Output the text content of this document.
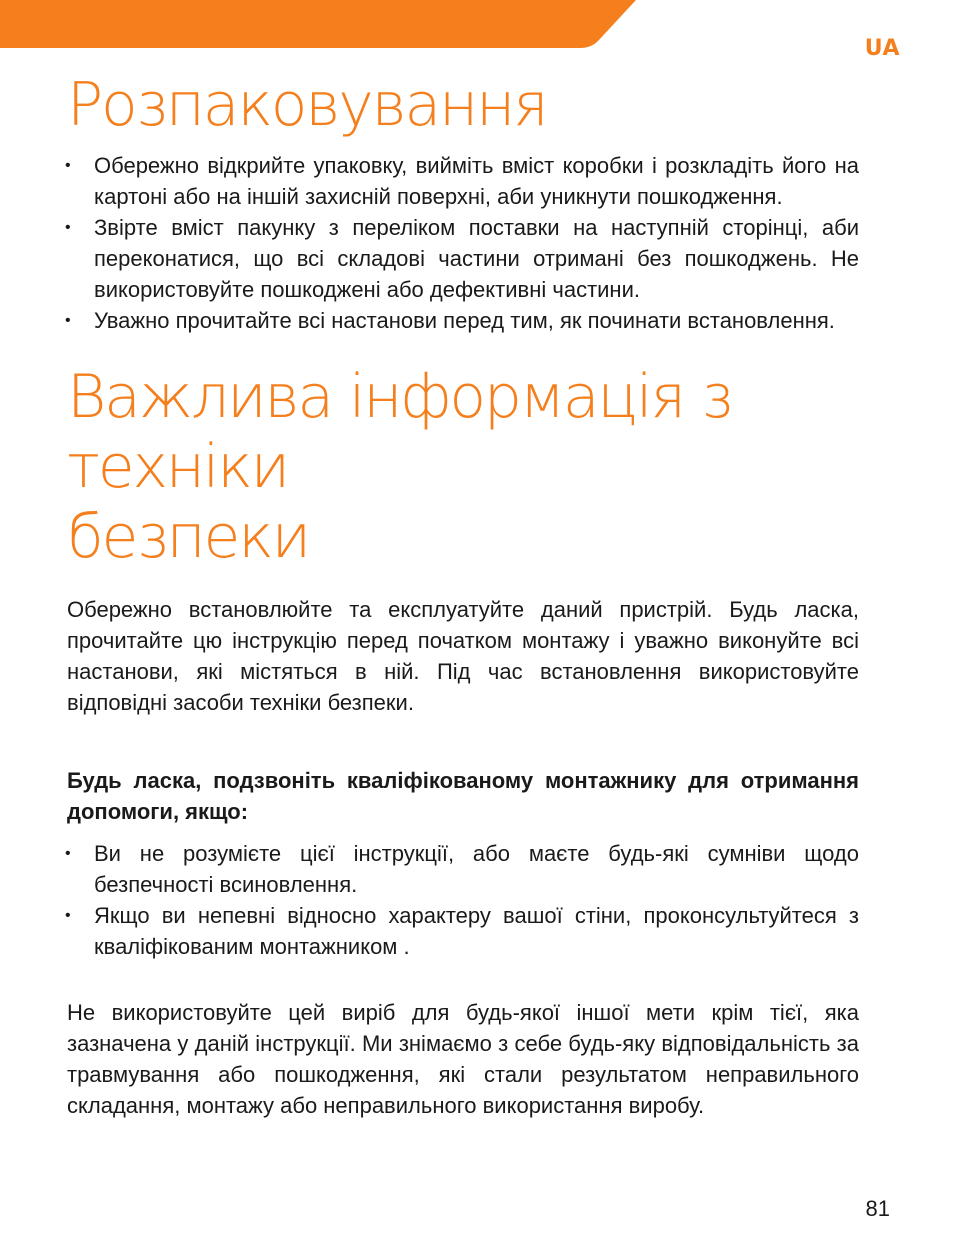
UA
Розпаковування
• Обережно відкрийте упаковку, вийміть вміст коробки і розкладіть його на картоні або на іншій захисній поверхні, аби уникнути пошкодження.
• Звірте вміст пакунку з переліком поставки на наступній сторінці, аби переконатися, що всі складові частини отримані без пошкоджень. Не використовуйте пошкоджені або дефективні частини.
• Уважно прочитайте всі настанови перед тим, як починати встановлення.
Важлива інформація з техніки
безпеки

Обережно встановлюйте та експлуатуйте даний пристрій. Будь ласка, прочитайте цю інструкцію перед початком монтажу і уважно виконуйте всі настанови, які містяться в ній. Під час встановлення використовуйте відповідні засоби техніки безпеки.

Будь ласка, подзвоніть кваліфікованому монтажнику для отримання допомоги, якщо:

• Ви не розумієте цієї інструкції, або маєте будь-які сумніви щодо безпечності всиновлення.
• Якщо ви непевні відносно характеру вашої стіни, проконсультуйтеся з кваліфікованим монтажником .

Не використовуйте цей виріб для будь-якої іншої мети крім тієї, яка зазначена у даній інструкції. Ми знімаємо з себе будь-яку відповідальність за травмування або пошкодження, які стали результатом неправильного складання, монтажу або неправильного використання виробу.

81
